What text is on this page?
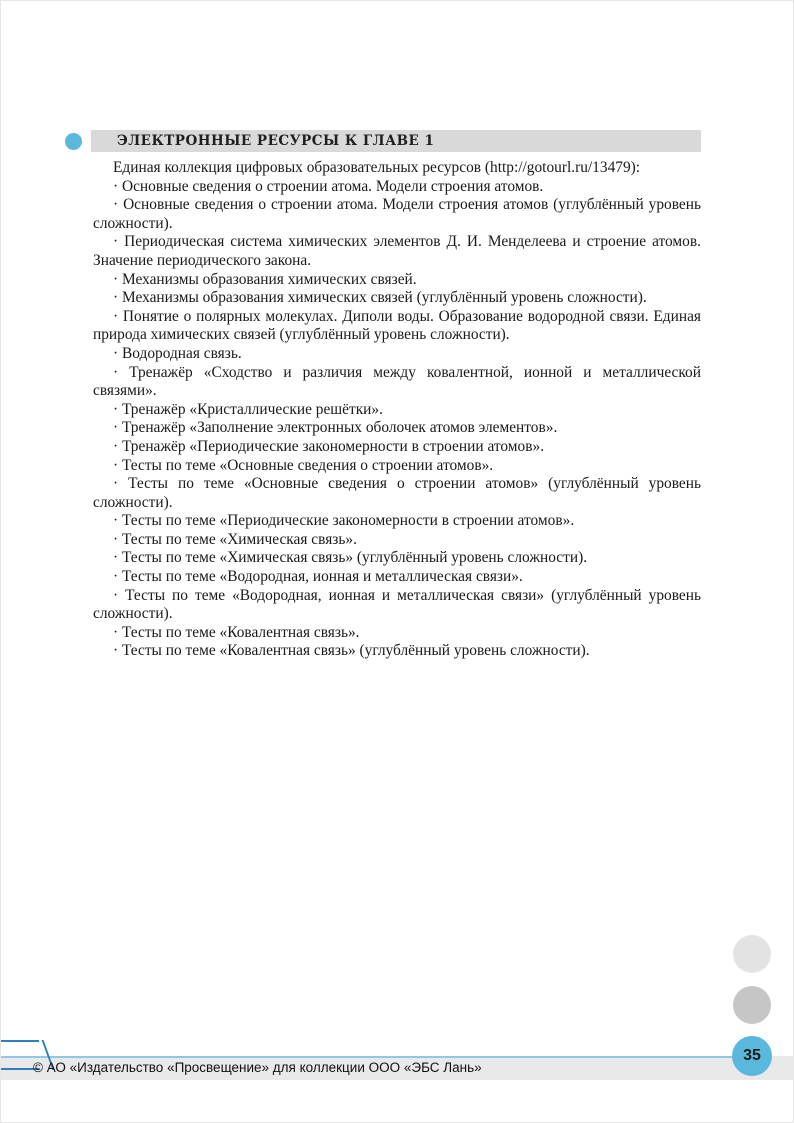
ЭЛЕКТРОННЫЕ РЕСУРСЫ К ГЛАВЕ 1

Единая коллекция цифровых образовательных ресурсов (http://gotourl.ru/13479):

· Основные сведения о строении атома. Модели строения атомов.

· Основные сведения о строении атома. Модели строения атомов (углублённый уровень сложности).

· Периодическая система химических элементов Д. И. Менделеева и строение атомов. Значение периодического закона.

· Механизмы образования химических связей.

· Механизмы образования химических связей (углублённый уровень сложности).

· Понятие о полярных молекулах. Диполи воды. Образование водородной связи. Единая природа химических связей (углублённый уровень сложности).

· Водородная связь.

· Тренажёр «Сходство и различия между ковалентной, ионной и металлической связями».

· Тренажёр «Кристаллические решётки».

· Тренажёр «Заполнение электронных оболочек атомов элементов».

· Тренажёр «Периодические закономерности в строении атомов».

· Тесты по теме «Основные сведения о строении атомов».

· Тесты по теме «Основные сведения о строении атомов» (углублённый уровень сложности).

· Тесты по теме «Периодические закономерности в строении атомов».

· Тесты по теме «Химическая связь».

· Тесты по теме «Химическая связь» (углублённый уровень сложности).

· Тесты по теме «Водородная, ионная и металлическая связи».

· Тесты по теме «Водородная, ионная и металлическая связи» (углублённый уровень сложности).

· Тесты по теме «Ковалентная связь».

· Тесты по теме «Ковалентная связь» (углублённый уровень сложности).

© АО «Издательство «Просвещение» для коллекции ООО «ЭБС Лань»
35
